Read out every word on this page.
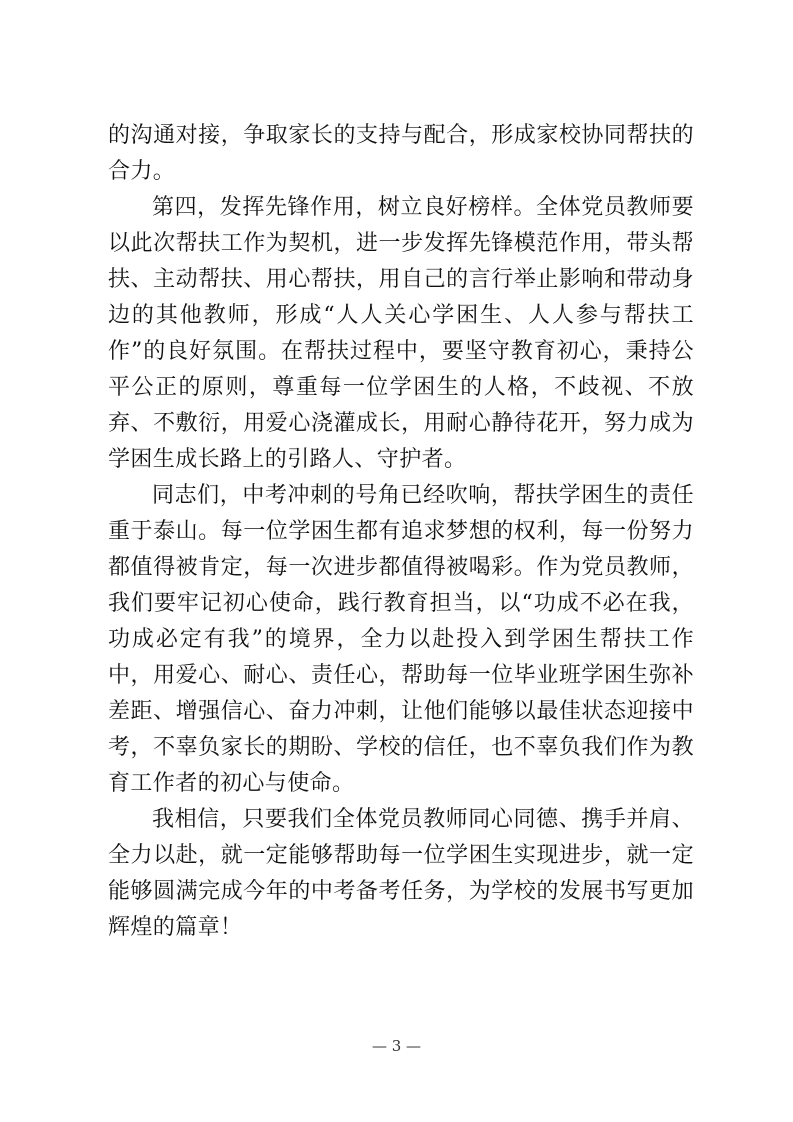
的沟通对接，争取家长的支持与配合，形成家校协同帮扶的合力。

第四，发挥先锋作用，树立良好榜样。全体党员教师要以此次帮扶工作为契机，进一步发挥先锋模范作用，带头帮扶、主动帮扶、用心帮扶，用自己的言行举止影响和带动身边的其他教师，形成“人人关心学困生、人人参与帮扶工作”的良好氛围。在帮扶过程中，要坚守教育初心，秉持公平公正的原则，尊重每一位学困生的人格，不歧视、不放弃、不敷衍，用爱心浇灌成长，用耐心静待花开，努力成为学困生成长路上的引路人、守护者。

同志们，中考冲刺的号角已经吹响，帮扶学困生的责任重于泰山。每一位学困生都有追求梦想的权利，每一份努力都值得被肯定，每一次进步都值得被喝彩。作为党员教师，我们要牢记初心使命，践行教育担当，以“功成不必在我，功成必定有我”的境界，全力以赴投入到学困生帮扶工作中，用爱心、耐心、责任心，帮助每一位毕业班学困生弥补差距、增强信心、奋力冲刺，让他们能够以最佳状态迎接中考，不辜负家长的期盼、学校的信任，也不辜负我们作为教育工作者的初心与使命。

我相信，只要我们全体党员教师同心同德、携手并肩、全力以赴，就一定能够帮助每一位学困生实现进步，就一定能够圆满完成今年的中考备考任务，为学校的发展书写更加辉煌的篇章！

— 3 —
